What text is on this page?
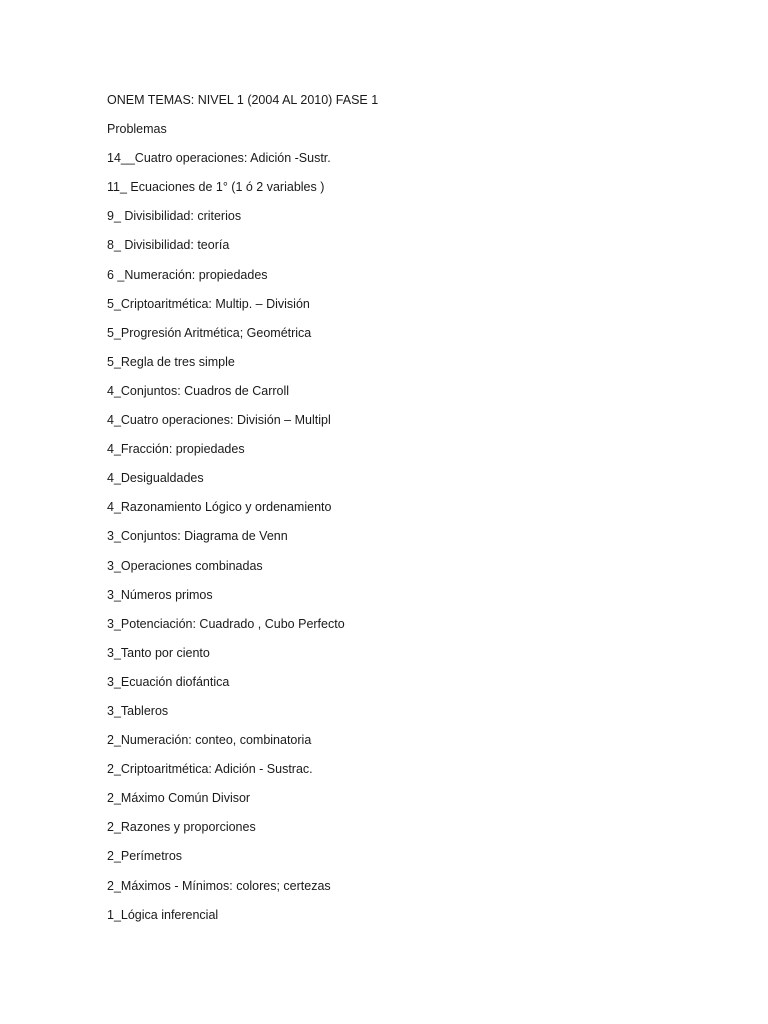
ONEM TEMAS: NIVEL 1 (2004 AL 2010) FASE 1
Problemas
14__Cuatro operaciones: Adición -Sustr.
11_ Ecuaciones de 1° (1 ó 2 variables )
9_ Divisibilidad: criterios
8_ Divisibilidad: teoría
6 _Numeración: propiedades
5_Criptoaritmética: Multip. – División
5_Progresión Aritmética; Geométrica
5_Regla de tres simple
4_Conjuntos: Cuadros de Carroll
4_Cuatro operaciones: División – Multipl
4_Fracción: propiedades
4_Desigualdades
4_Razonamiento Lógico y ordenamiento
3_Conjuntos: Diagrama de Venn
3_Operaciones combinadas
3_Números primos
3_Potenciación: Cuadrado , Cubo Perfecto
3_Tanto por ciento
3_Ecuación diofántica
3_Tableros
2_Numeración: conteo, combinatoria
2_Criptoaritmética: Adición - Sustrac.
2_Máximo Común Divisor
2_Razones y proporciones
2_Perímetros
2_Máximos - Mínimos: colores; certezas
1_Lógica inferencial
